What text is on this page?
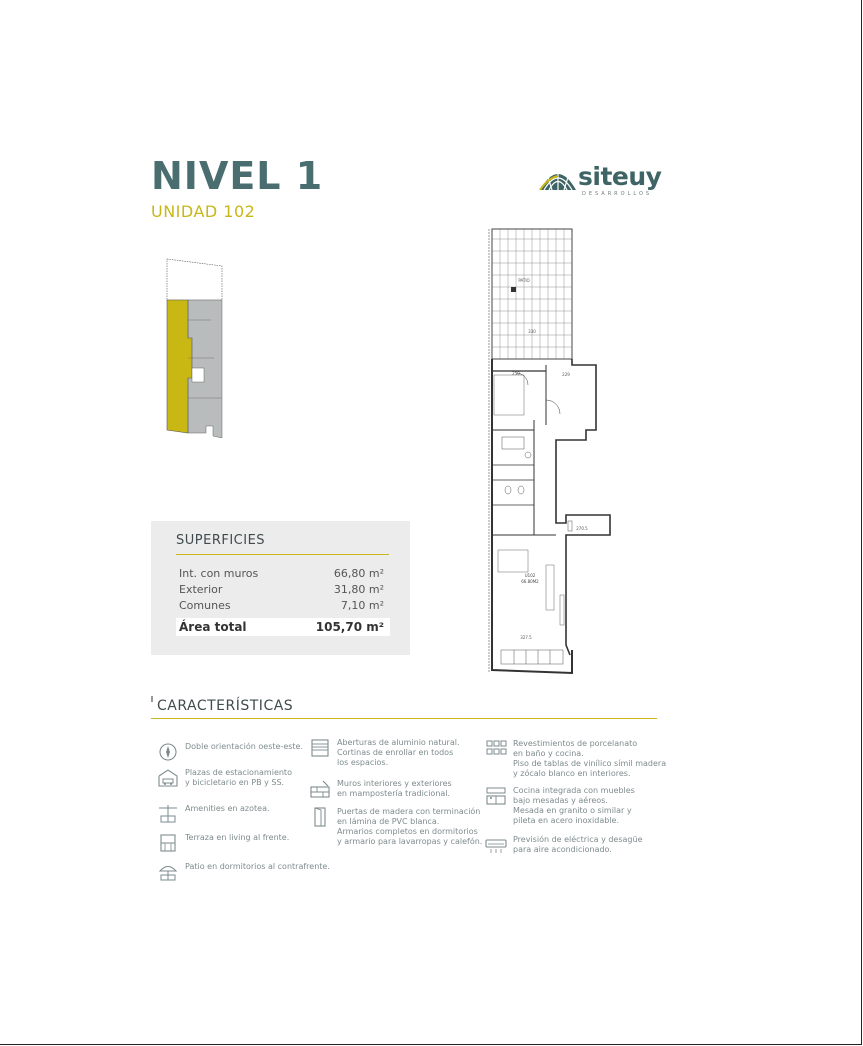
NIVEL 1
UNIDAD 102
siteuy
DESARROLLOS
SUPERFICIES
Int. con muros	66,80 m²
Exterior	31,80 m²
Comunes	7,10 m²
Área total	105,70 m²
PATIO
330
250	229
270.5
U102
66.80M2
327.5
CARACTERÍSTICAS
Doble orientación oeste-este.
Plazas de estacionamiento
y bicicletario en PB y SS.
Amenities en azotea.
Terraza en living al frente.
Patio en dormitorios al contrafrente.
Aberturas de aluminio natural.
Cortinas de enrollar en todos
los espacios.
Muros interiores y exteriores
en mampostería tradicional.
Puertas de madera con terminación
en lámina de PVC blanca.
Armarios completos en dormitorios
y armario para lavarropas y calefón.
Revestimientos de porcelanato
en baño y cocina.
Piso de tablas de vinílico símil madera
y zócalo blanco en interiores.
Cocina integrada con muebles
bajo mesadas y aéreos.
Mesada en granito o similar y
pileta en acero inoxidable.
Previsión de eléctrica y desagüe
para aire acondicionado.
